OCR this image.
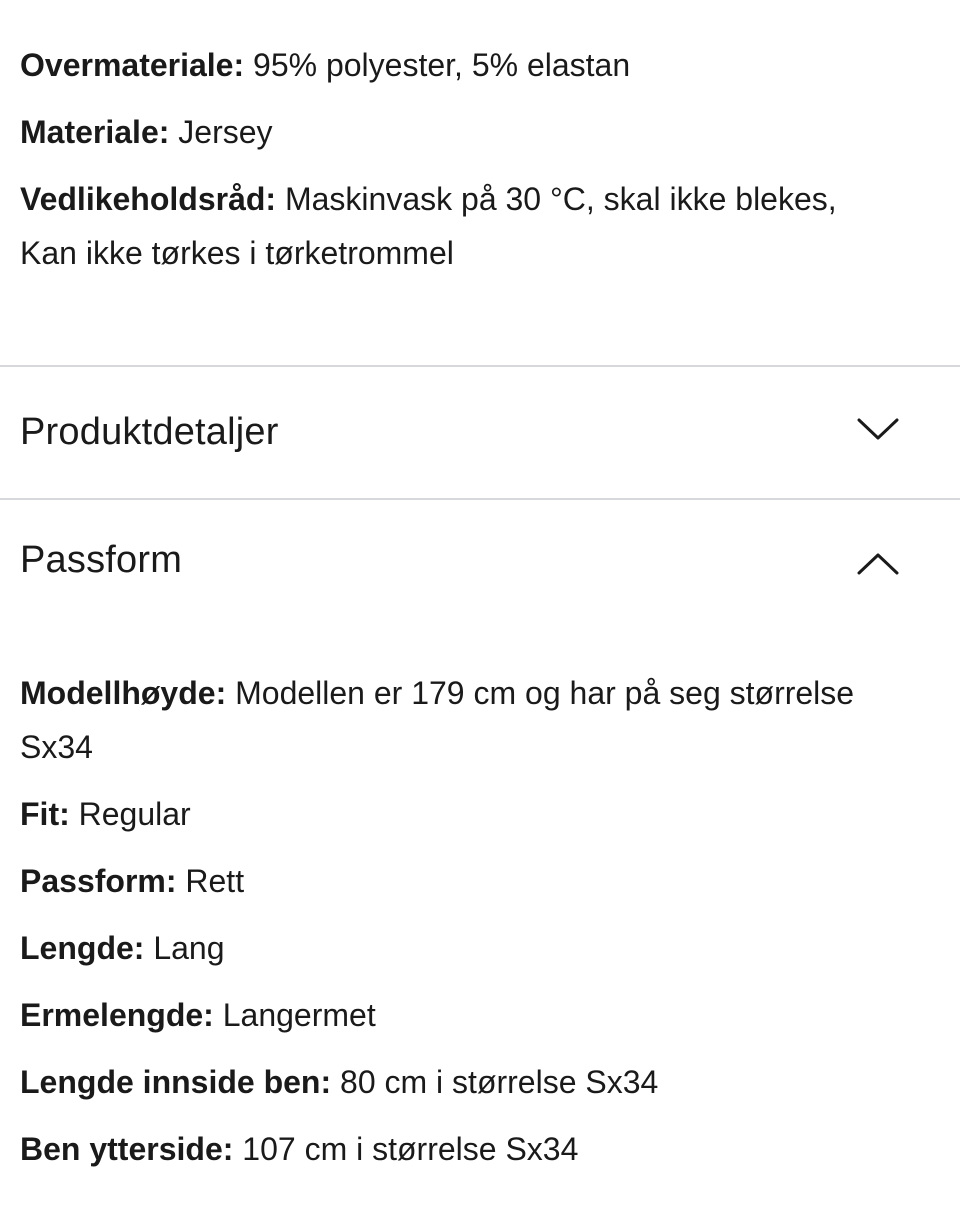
Overmateriale: 95% polyester, 5% elastan

Materiale: Jersey

Vedlikeholdsråd: Maskinvask på 30 °C, skal ikke blekes, Kan ikke tørkes i tørketrommel

Produktdetaljer
Passform

Modellhøyde: Modellen er 179 cm og har på seg størrelse Sx34

Fit: Regular

Passform: Rett

Lengde: Lang

Ermelengde: Langermet

Lengde innside ben: 80 cm i størrelse Sx34

Ben ytterside: 107 cm i størrelse Sx34
